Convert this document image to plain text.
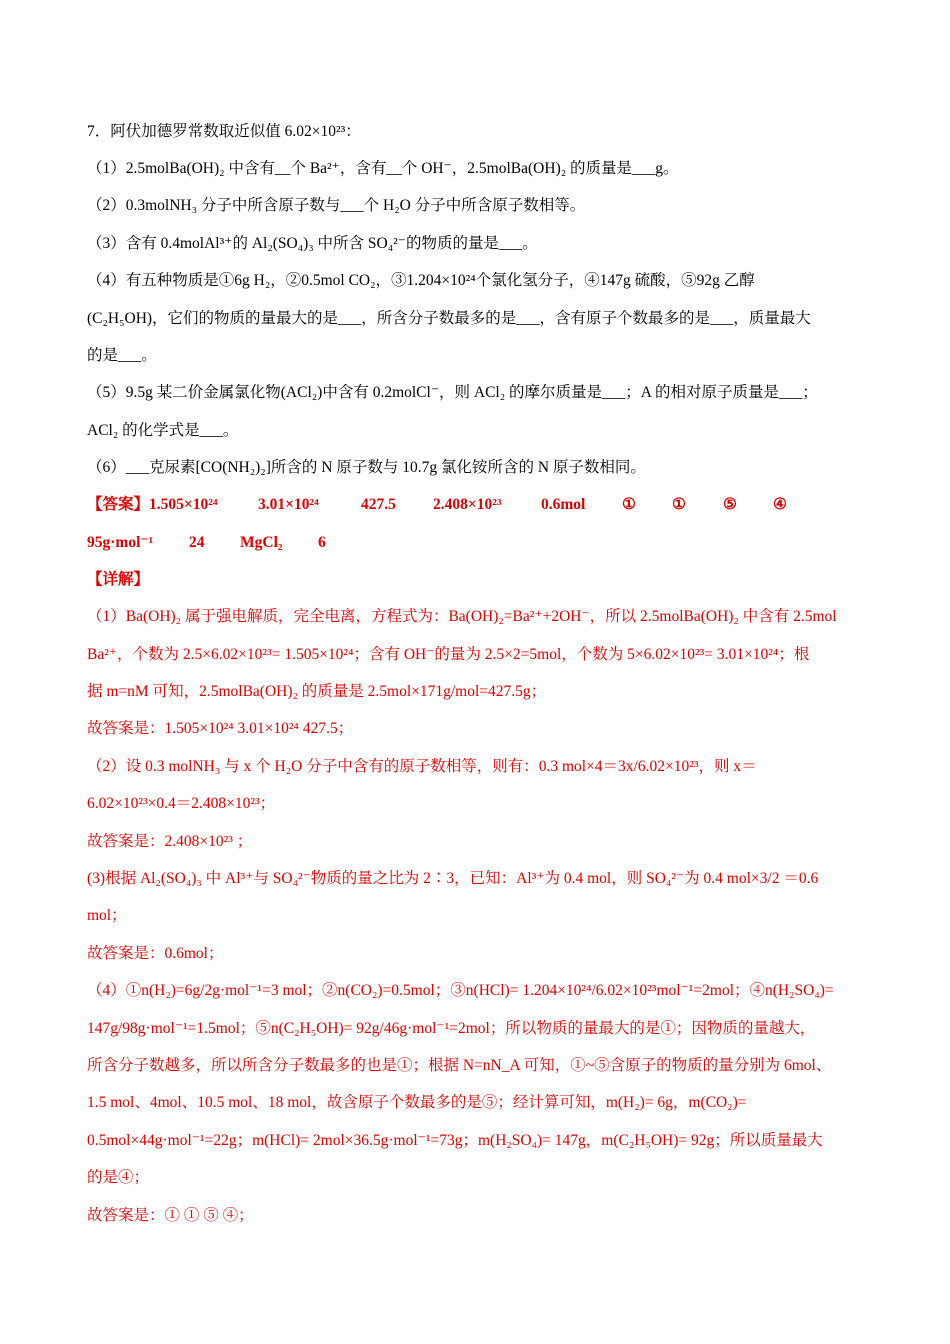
7．阿伏加德罗常数取近似值 6.02×10²³：
（1）2.5molBa(OH)₂ 中含有__个 Ba²⁺，含有__个 OH⁻，2.5molBa(OH)₂ 的质量是___g。
（2）0.3molNH₃ 分子中所含原子数与___个 H₂O 分子中所含原子数相等。
（3）含有 0.4molAl³⁺的 Al₂(SO₄)₃ 中所含 SO₄²⁻的物质的量是___。
（4）有五种物质是①6g H₂，②0.5mol CO₂，③1.204×10²⁴个氯化氢分子，④147g 硫酸，⑤92g 乙醇
(C₂H₅OH)，它们的物质的量最大的是___，所含分子数最多的是___，含有原子个数最多的是___，质量最大
的是___。
（5）9.5g 某二价金属氯化物(ACl₂)中含有 0.2molCl⁻，则 ACl₂ 的摩尔质量是___；A 的相对原子质量是___；
ACl₂ 的化学式是___。
（6）___克尿素[CO(NH₂)₂]所含的 N 原子数与 10.7g 氯化铵所含的 N 原子数相同。
【答案】 1.505×10²⁴	3.01×10²⁴	427.5 2.408×10²³	0.6mol ① ① ⑤ ④
95g·mol⁻¹ 24 MgCl₂ 6
【详解】
（1）Ba(OH)₂ 属于强电解质，完全电离，方程式为：Ba(OH)₂=Ba²⁺+2OH⁻，所以 2.5molBa(OH)₂ 中含有 2.5mol
Ba²⁺，个数为 2.5×6.02×10²³= 1.505×10²⁴；含有 OH⁻的量为 2.5×2=5mol，个数为 5×6.02×10²³= 3.01×10²⁴；根
据 m=nM 可知，2.5molBa(OH)₂ 的质量是 2.5mol×171g/mol=427.5g；
故答案是：1.505×10²⁴ 3.01×10²⁴ 427.5；
（2）设 0.3 molNH₃ 与 x 个 H₂O 分子中含有的原子数相等，则有：0.3 mol×4＝3x/6.02×10²³，则 x＝
6.02×10²³×0.4＝2.408×10²³；
故答案是：2.408×10²³ ；
(3)根据 Al₂(SO₄)₃ 中 Al³⁺与 SO₄²⁻物质的量之比为 2∶3，已知：Al³⁺为 0.4 mol，则 SO₄²⁻为 0.4 mol×3/2 ＝0.6
mol；
故答案是：0.6mol；
（4）①n(H₂)=6g/2g·mol⁻¹=3 mol；②n(CO₂)=0.5mol；③n(HCl)= 1.204×10²⁴/6.02×10²³mol⁻¹=2mol；④n(H₂SO₄)=
147g/98g·mol⁻¹=1.5mol；⑤n(C₂H₅OH)= 92g/46g·mol⁻¹=2mol；所以物质的量最大的是①；因物质的量越大，
所含分子数越多，所以所含分子数最多的也是①；根据 N=nN_A 可知，①~⑤含原子的物质的量分别为 6mol、
1.5 mol、4mol、10.5 mol、18 mol，故含原子个数最多的是⑤；经计算可知，m(H₂)= 6g，m(CO₂)=
0.5mol×44g·mol⁻¹=22g；m(HCl)= 2mol×36.5g·mol⁻¹=73g；m(H₂SO₄)= 147g，m(C₂H₅OH)= 92g；所以质量最大
的是④；
故答案是：① ① ⑤ ④；
